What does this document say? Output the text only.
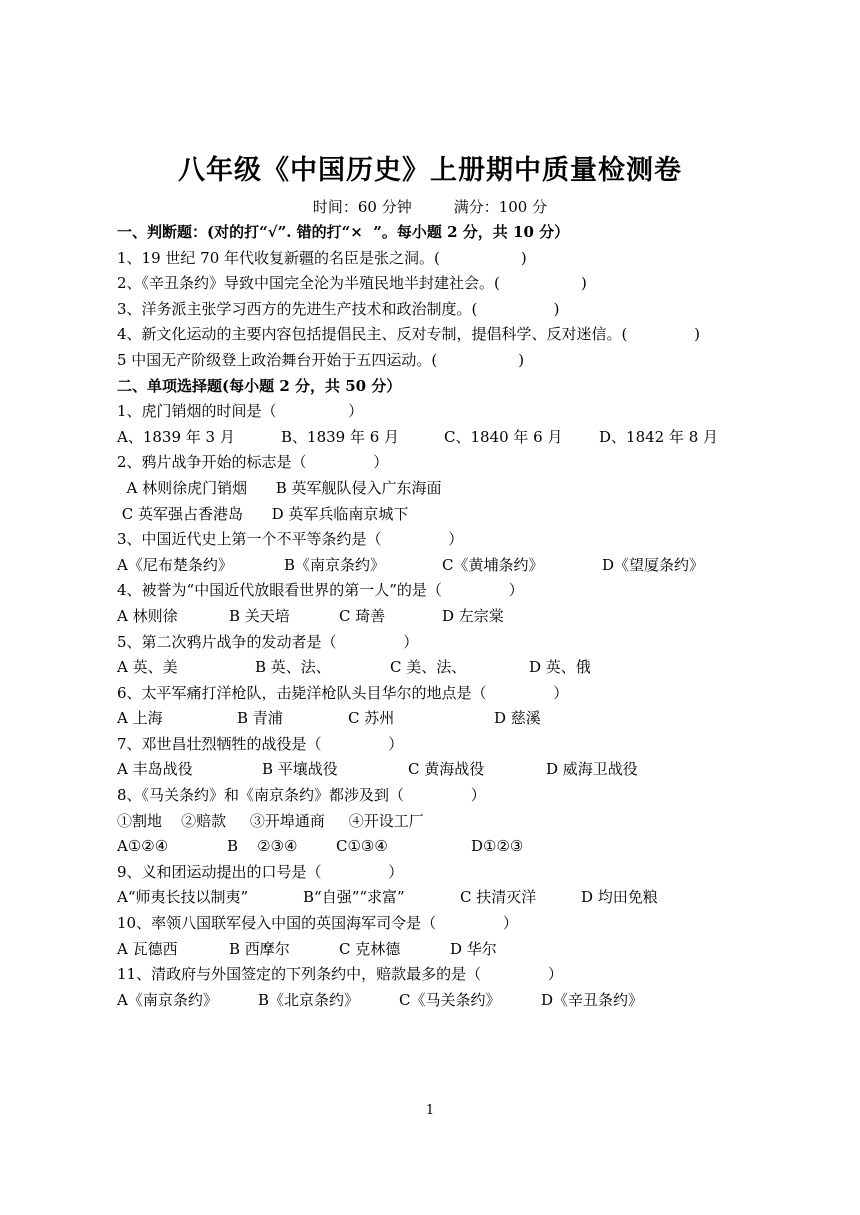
八年级《中国历史》上册期中质量检测卷
时间：60 分钟	满分：100 分
一、判断题：(对的打“√”. 错的打“×  ”。每小题 2 分，共 10 分）
1、19 世纪 70 年代收复新疆的名臣是张之洞。(                 )
2、《辛丑条约》导致中国完全沦为半殖民地半封建社会。(                 )
3、洋务派主张学习西方的先进生产技术和政治制度。(                )
4、新文化运动的主要内容包括提倡民主、反对专制，提倡科学、反对迷信。(              )
5 中国无产阶级登上政治舞台开始于五四运动。(                 )
二、单项选择题(每小题 2 分，共 50 分）
1、虎门销烟的时间是（               ）

A、1839 年 3 月

	B、1839 年 6 月

	C、1840 年 6 月

D、1842 年 8 月

2、鸦片战争开始的标志是（              ）
A 林则徐虎门销烟      B 英军舰队侵入广东海面
C 英军强占香港岛      D 英军兵临南京城下
3、中国近代史上第一个不平等条约是（              ）

A《尼布楚条约》

	B《南京条约》

	C《黄埔条约》

	D《望厦条约》

4、被誉为“中国近代放眼看世界的第一人”的是（              ）

A 林则徐

	B 关天培

	C 琦善

	D 左宗棠

5、第二次鸦片战争的发动者是（              ）

A 英、美

	B 英、法、

	C 美、法、

	D 英、俄

6、太平军痛打洋枪队，击毙洋枪队头目华尔的地点是（              ）

A 上海

	B 青浦

	C 苏州

	D 慈溪

7、邓世昌壮烈牺牲的战役是（              ）

A 丰岛战役

	B 平壤战役

	C 黄海战役

	D 威海卫战役

8、《马关条约》和《南京条约》都涉及到（              ）
①割地    ②赔款     ③开埠通商     ④开设工厂

A①②④

	B    ②③④

	C①③④

	D①②③

9、义和团运动提出的口号是（              ）

A“师夷长技以制夷”

	B“自强”“求富”

	C 扶清灭洋

	D 均田免粮

10、率领八国联军侵入中国的英国海军司令是（              ）

A 瓦德西

	B 西摩尔

	C 克林德

	D 华尔

11、清政府与外国签定的下列条约中，赔款最多的是（              ）

A《南京条约》

	B《北京条约》

	C《马关条约》

	D《辛丑条约》

1
